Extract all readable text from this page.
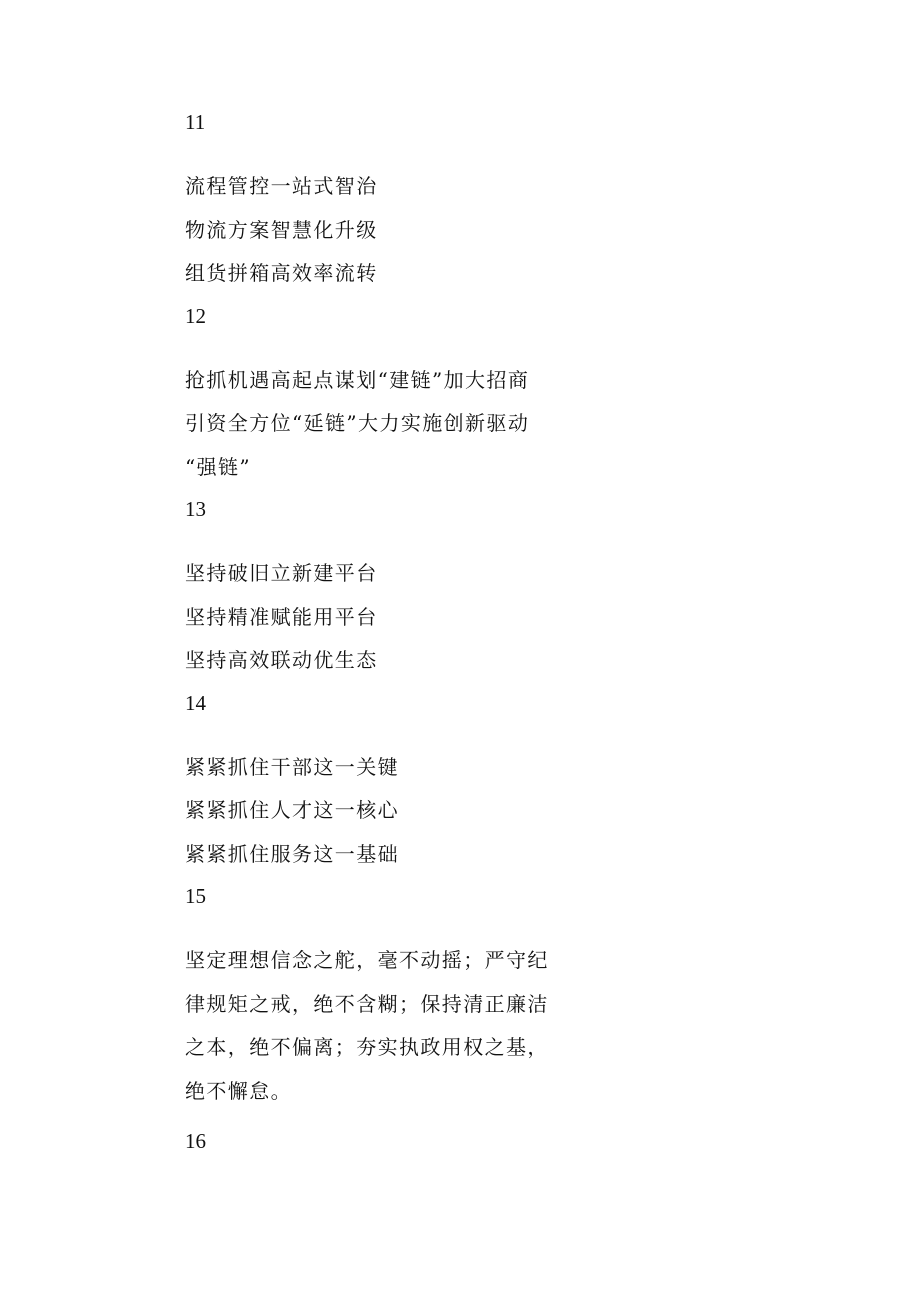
11
流程管控一站式智治
物流方案智慧化升级
组货拼箱高效率流转
12
抢抓机遇高起点谋划“建链”加大招商
引资全方位“延链”大力实施创新驱动
“强链”
13
坚持破旧立新建平台
坚持精准赋能用平台
坚持高效联动优生态
14
紧紧抓住干部这一关键
紧紧抓住人才这一核心
紧紧抓住服务这一基础
15
坚定理想信念之舵，毫不动摇；严守纪
律规矩之戒，绝不含糊；保持清正廉洁
之本，绝不偏离；夯实执政用权之基，
绝不懈怠。
16
